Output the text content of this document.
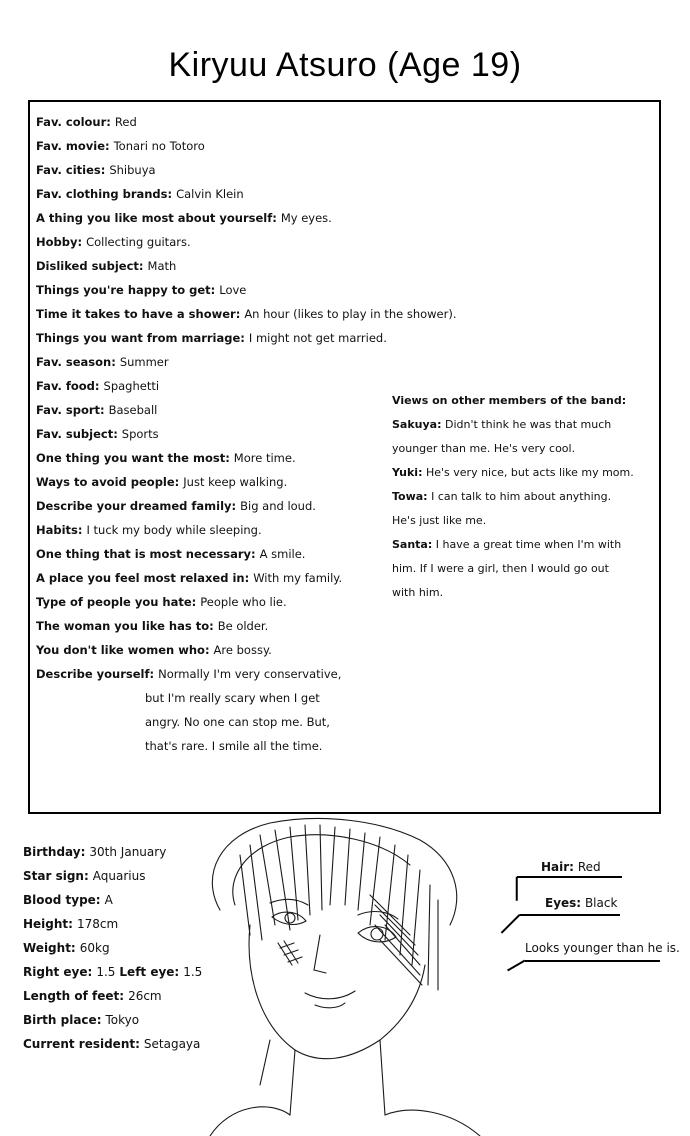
Kiryuu Atsuro (Age 19)
Fav. colour: Red
Fav. movie: Tonari no Totoro
Fav. cities: Shibuya
Fav. clothing brands: Calvin Klein
A thing you like most about yourself: My eyes.
Hobby: Collecting guitars.
Disliked subject: Math
Things you're happy to get: Love
Time it takes to have a shower: An hour (likes to play in the shower).
Things you want from marriage: I might not get married.
Fav. season: Summer
Fav. food: Spaghetti
Fav. sport: Baseball
Fav. subject: Sports
One thing you want the most: More time.
Ways to avoid people: Just keep walking.
Describe your dreamed family: Big and loud.
Habits: I tuck my body while sleeping.
One thing that is most necessary: A smile.
A place you feel most relaxed in: With my family.
Type of people you hate: People who lie.
The woman you like has to: Be older.
You don't like women who: Are bossy.
Describe yourself: Normally I'm very conservative,
but I'm really scary when I get
angry. No one can stop me. But,
that's rare. I smile all the time.
Views on other members of the band:
Sakuya: Didn't think he was that much
younger than me. He's very cool.
Yuki: He's very nice, but acts like my mom.
Towa: I can talk to him about anything.
He's just like me.
Santa: I have a great time when I'm with
him. If I were a girl, then I would go out
with him.
Birthday: 30th January
Star sign: Aquarius
Blood type: A
Height: 178cm
Weight: 60kg
Right eye: 1.5 Left eye: 1.5
Length of feet: 26cm
Birth place: Tokyo
Current resident: Setagaya
Hair: Red
Eyes: Black
Looks younger than he is.
